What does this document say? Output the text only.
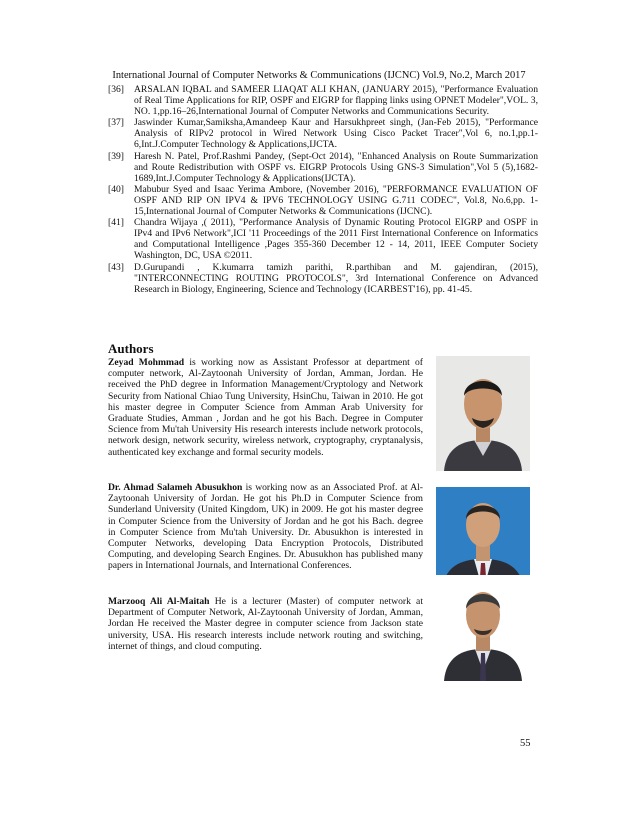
International Journal of Computer Networks & Communications (IJCNC) Vol.9, No.2, March 2017
[36]	ARSALAN IQBAL and SAMEER LIAQAT ALI KHAN, (JANUARY 2015), "Performance Evaluation of Real Time Applications for RIP, OSPF and EIGRP for flapping links using OPNET Modeler",VOL. 3, NO. 1,pp.16–26,International Journal of Computer Networks and Communications Security.
[37]	Jaswinder Kumar,Samiksha,Amandeep Kaur and Harsukhpreet singh, (Jan-Feb 2015), "Performance Analysis of RIPv2 protocol in Wired Network Using Cisco Packet Tracer",Vol 6, no.1,pp.1-6,Int.J.Computer Technology & Applications,IJCTA.
[39]	Haresh N. Patel, Prof.Rashmi Pandey, (Sept-Oct 2014), "Enhanced Analysis on Route Summarization and Route Redistribution with OSPF vs. EIGRP Protocols Using GNS-3 Simulation",Vol 5 (5),1682-1689,Int.J.Computer Technology & Applications(IJCTA).
[40]	Mabubur Syed and Isaac Yerima Ambore, (November 2016), "PERFORMANCE EVALUATION OF OSPF AND RIP ON IPV4 & IPV6 TECHNOLOGY USING G.711 CODEC", Vol.8, No.6,pp. 1-15,International Journal of Computer Networks & Communications (IJCNC).
[41]	Chandra Wijaya ,( 2011), "Performance Analysis of Dynamic Routing Protocol EIGRP and OSPF in IPv4 and IPv6 Network",ICI '11 Proceedings of the 2011 First International Conference on Informatics and Computational Intelligence ,Pages 355-360 December 12 - 14, 2011, IEEE Computer Society Washington, DC, USA ©2011.
[43]	D.Gurupandi , K.kumarra tamizh parithi, R.parthiban and M. gajendiran, (2015), "INTERCONNECTING ROUTING PROTOCOLS", 3rd International Conference on Advanced Research in Biology, Engineering, Science and Technology (ICARBEST'16), pp. 41-45.
Authors
Zeyad Mohmmad is working now as Assistant Professor at department of computer network, Al-Zaytoonah University of Jordan, Amman, Jordan. He received the PhD degree in Information Management/Cryptology and Network Security from National Chiao Tung University, HsinChu, Taiwan in 2010. He got his master degree in Computer Science from Amman Arab University for Graduate Studies, Amman , Jordan and he got his Bach. Degree in Computer Science from Mu'tah University His research interests include network protocols, network design, network security, wireless network, cryptography, cryptanalysis, authenticated key exchange and formal security models.
Dr. Ahmad Salameh Abusukhon is working now as an Associated Prof. at Al-Zaytoonah University of Jordan. He got his Ph.D in Computer Science from Sunderland University (United Kingdom, UK) in 2009. He got his master degree in Computer Science from the University of Jordan and he got his Bach. degree in Computer Science from Mu'tah University. Dr. Abusukhon is interested in Computer Networks, developing Data Encryption Protocols, Distributed Computing, and developing Search Engines. Dr. Abusukhon has published many papers in International Journals, and International Conferences.
Marzooq Ali Al-Maitah He is a lecturer (Master) of computer network at Department of Computer Network, Al-Zaytoonah University of Jordan, Amman, Jordan He received the Master degree in computer science from Jackson state university, USA. His research interests include network routing and switching, internet of things, and cloud computing.
55
